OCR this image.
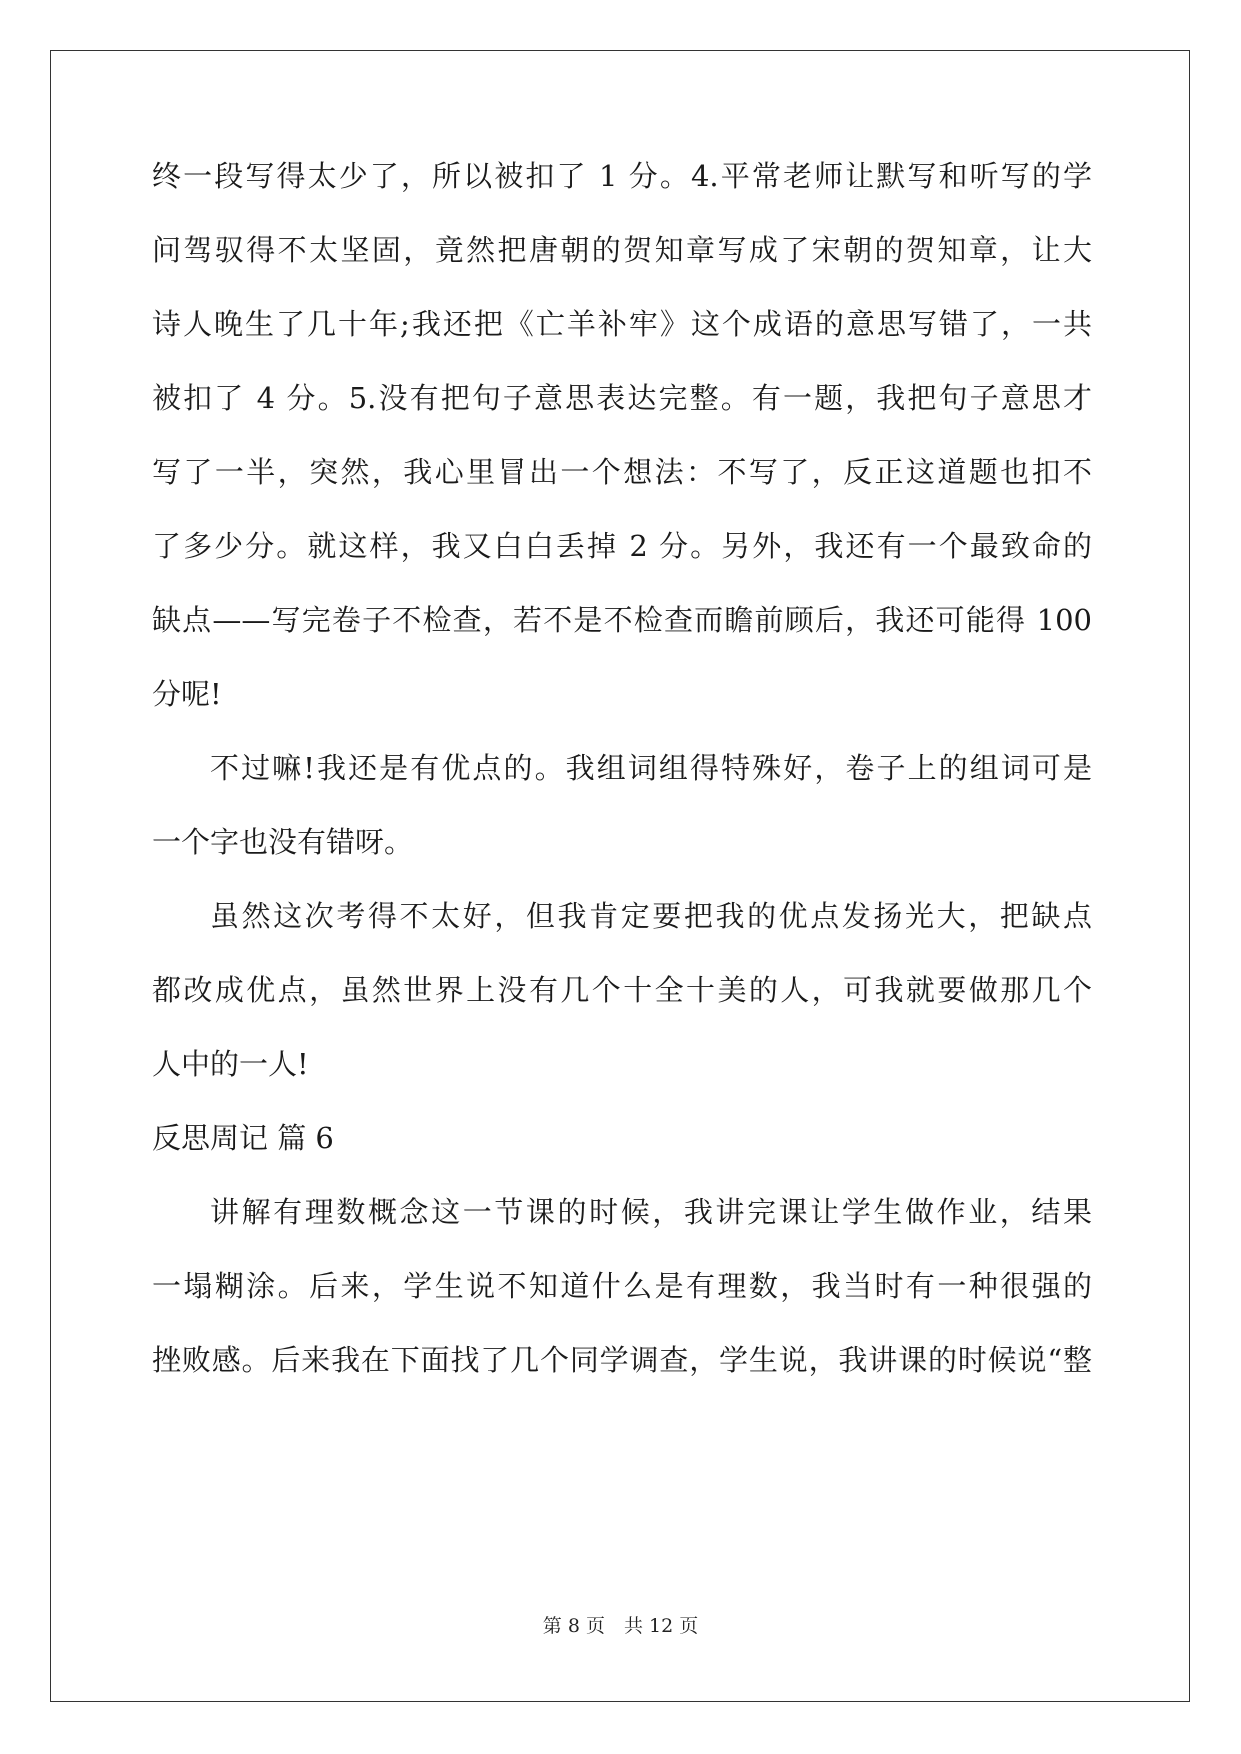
终一段写得太少了，所以被扣了 1 分。4.平常老师让默写和听写的学
问驾驭得不太坚固，竟然把唐朝的贺知章写成了宋朝的贺知章，让大
诗人晚生了几十年;我还把《亡羊补牢》这个成语的意思写错了，一共
被扣了 4 分。5.没有把句子意思表达完整。有一题，我把句子意思才
写了一半，突然，我心里冒出一个想法：不写了，反正这道题也扣不
了多少分。就这样，我又白白丢掉 2 分。另外，我还有一个最致命的
缺点——写完卷子不检查，若不是不检查而瞻前顾后，我还可能得 100
分呢!
不过嘛!我还是有优点的。我组词组得特殊好，卷子上的组词可是
一个字也没有错呀。
虽然这次考得不太好，但我肯定要把我的优点发扬光大，把缺点
都改成优点，虽然世界上没有几个十全十美的人，可我就要做那几个
人中的一人!
反思周记 篇 6
讲解有理数概念这一节课的时候，我讲完课让学生做作业，结果
一塌糊涂。后来，学生说不知道什么是有理数，我当时有一种很强的
挫败感。后来我在下面找了几个同学调查，学生说，我讲课的时候说“整
第 8 页　共 12 页
